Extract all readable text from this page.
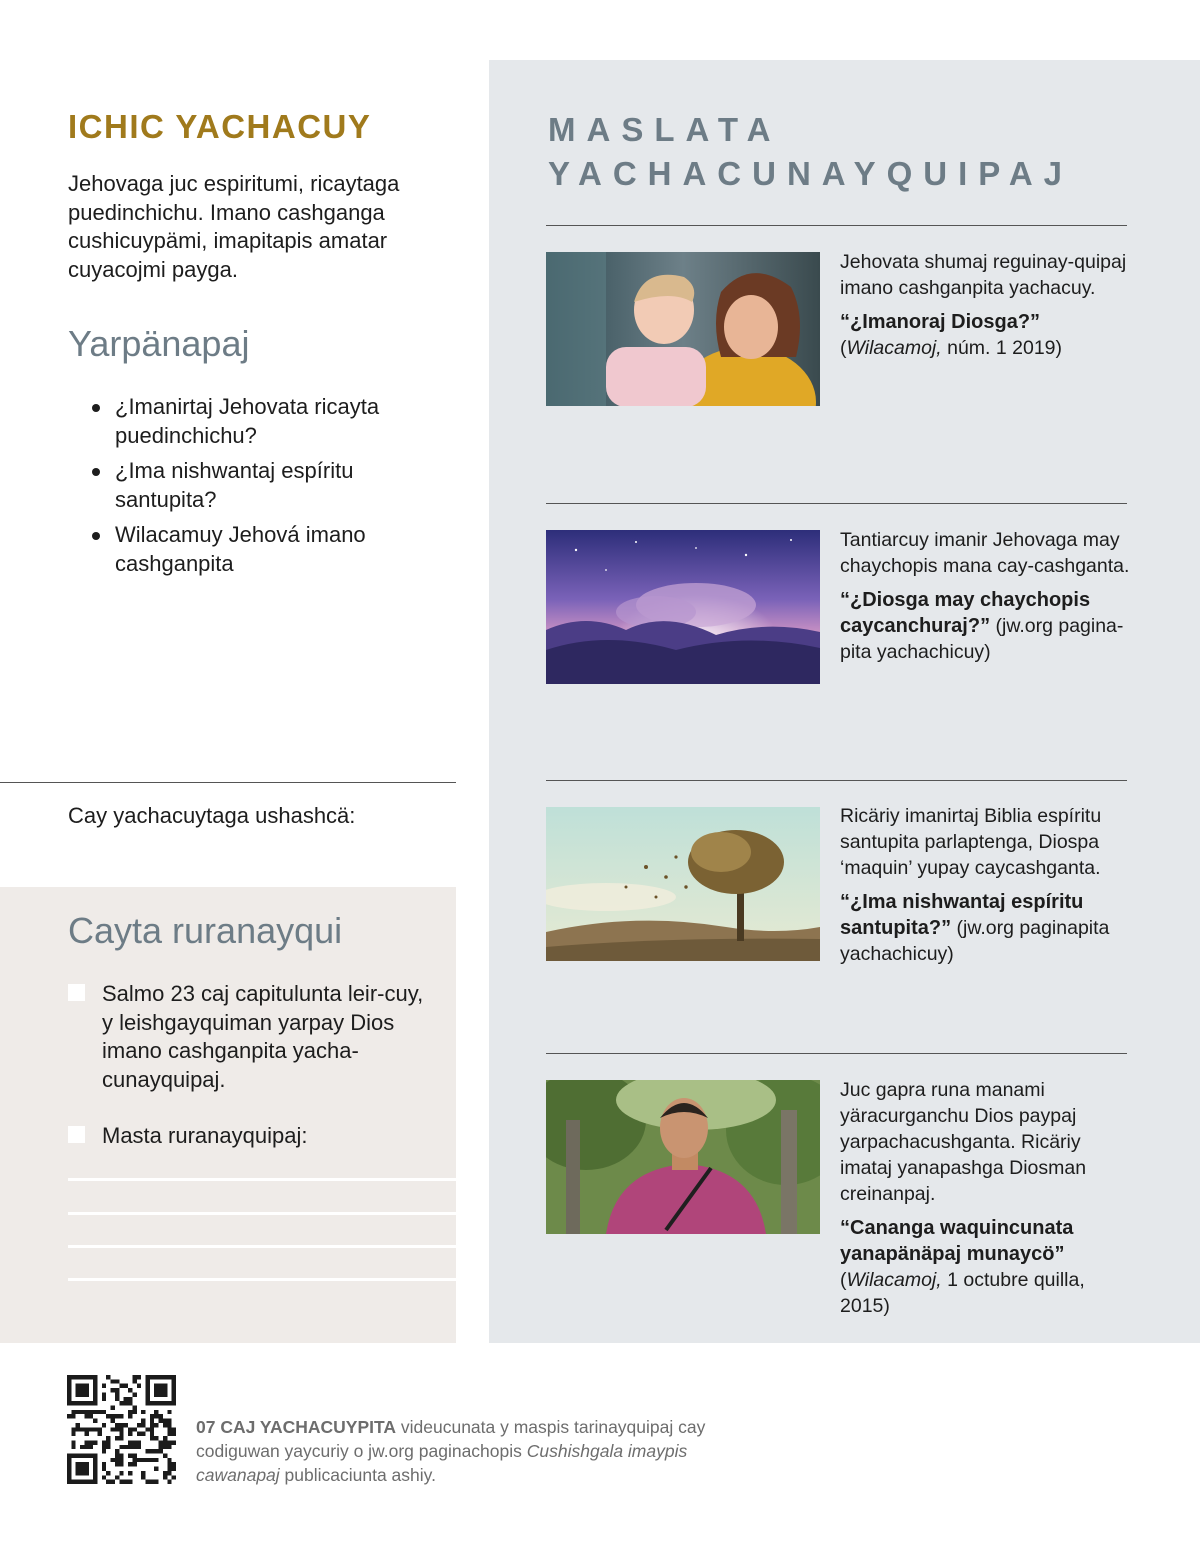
ICHIC YACHACUY
Jehovaga juc espiritumi, ricaytaga puedinchichu. Imano cashganga cushicuypämi, imapitapis amatar cuyacojmi payga.
Yarpänapaj
¿Imanirtaj Jehovata ricayta puedinchichu?
¿Ima nishwantaj espíritu santupita?
Wilacamuy Jehová imano cashganpita
Cay yachacuytaga ushashcä:
Cayta ruranayqui
Salmo 23 caj capitulunta leir-cuy, y leishgayquiman yarpay Dios imano cashganpita yacha-cunayquipaj.
Masta ruranayquipaj:
MASLATA
YACHACUNAYQUIPAJ

Jehovata shumaj reguinay-quipaj imano cashganpita yachacuy.

“¿Imanoraj Diosga?”
(Wilacamoj, núm. 1 2019)

Tantiarcuy imanir Jehovaga may chaychopis mana cay-cashganta.

“¿Diosga may chaychopis caycanchuraj?” (jw.org pagina-pita yachachicuy)

Ricäriy imanirtaj Biblia espíritu santupita parlaptenga, Diospa ‘maquin’ yupay caycashganta.

“¿Ima nishwantaj espíritu santupita?” (jw.org paginapita yachachicuy)

Juc gapra runa manami yäracurganchu Dios paypaj yarpachacushganta. Ricäriy imataj yanapashga Diosman creinanpaj.

“Cananga waquincunata yanapänäpaj munaycö”
(Wilacamoj, 1 octubre quilla, 2015)

07 CAJ YACHACUYPITA videucunata y maspis tarinayquipaj cay codiguwan yaycuriy o jw.org paginachopis Cushishgala imaypis cawanapaj publicaciunta ashiy.
